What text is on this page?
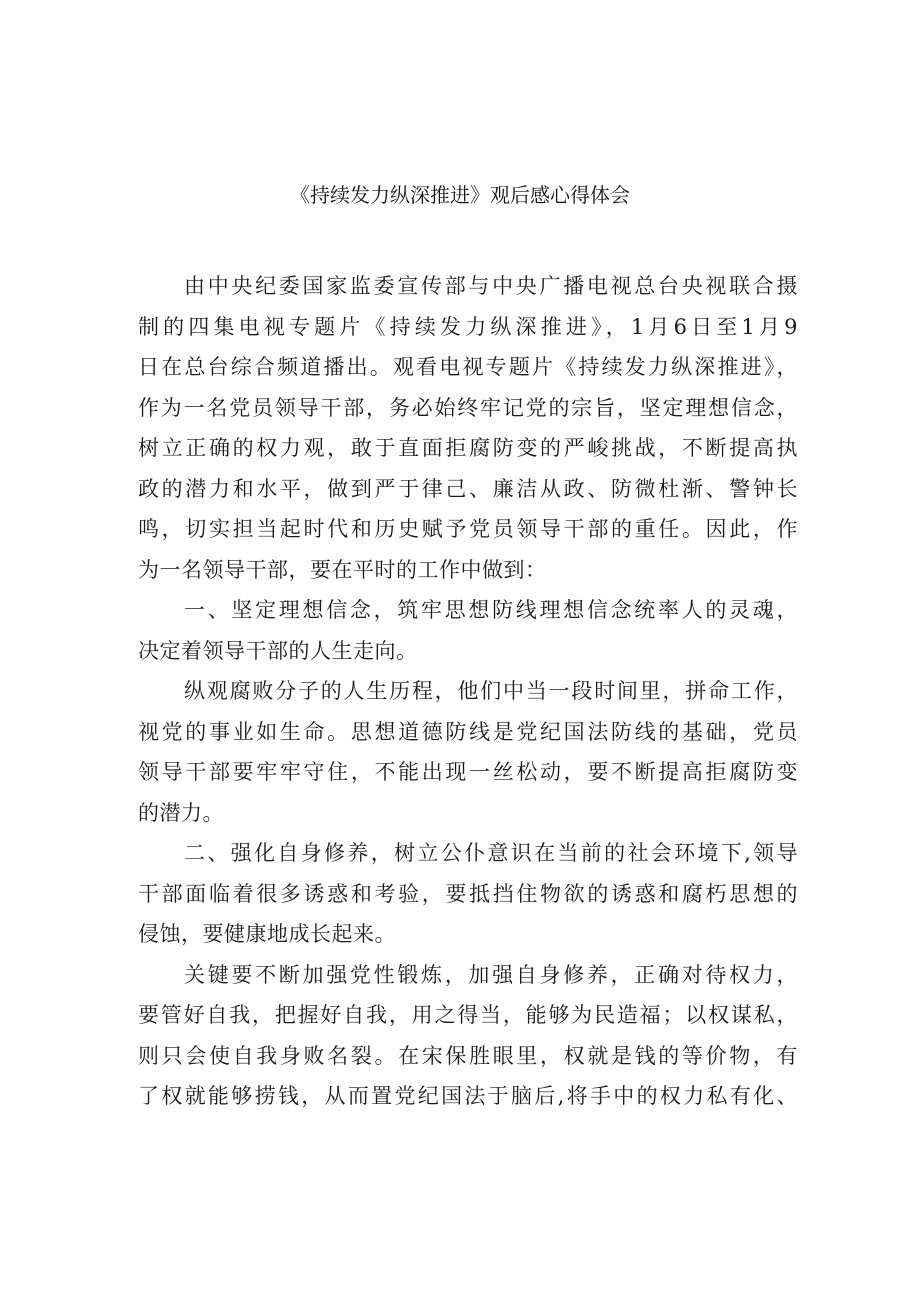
《持续发力纵深推进》观后感心得体会
由中央纪委国家监委宣传部与中央广播电视总台央视联合摄
制的四集电视专题片《持续发力纵深推进》，1月6日至1月9
日在总台综合频道播出。观看电视专题片《持续发力纵深推进》，
作为一名党员领导干部，务必始终牢记党的宗旨，坚定理想信念，
树立正确的权力观，敢于直面拒腐防变的严峻挑战，不断提高执
政的潜力和水平，做到严于律己、廉洁从政、防微杜渐、警钟长
鸣，切实担当起时代和历史赋予党员领导干部的重任。因此，作
为一名领导干部，要在平时的工作中做到：
一、坚定理想信念，筑牢思想防线理想信念统率人的灵魂，
决定着领导干部的人生走向。
纵观腐败分子的人生历程，他们中当一段时间里，拼命工作，
视党的事业如生命。思想道德防线是党纪国法防线的基础，党员
领导干部要牢牢守住，不能出现一丝松动，要不断提高拒腐防变
的潜力。
二、强化自身修养，树立公仆意识在当前的社会环境下,领导
干部面临着很多诱惑和考验，要抵挡住物欲的诱惑和腐朽思想的
侵蚀，要健康地成长起来。
关键要不断加强党性锻炼，加强自身修养，正确对待权力，
要管好自我，把握好自我，用之得当，能够为民造福；以权谋私，
则只会使自我身败名裂。在宋保胜眼里，权就是钱的等价物，有
了权就能够捞钱，从而置党纪国法于脑后,将手中的权力私有化、
